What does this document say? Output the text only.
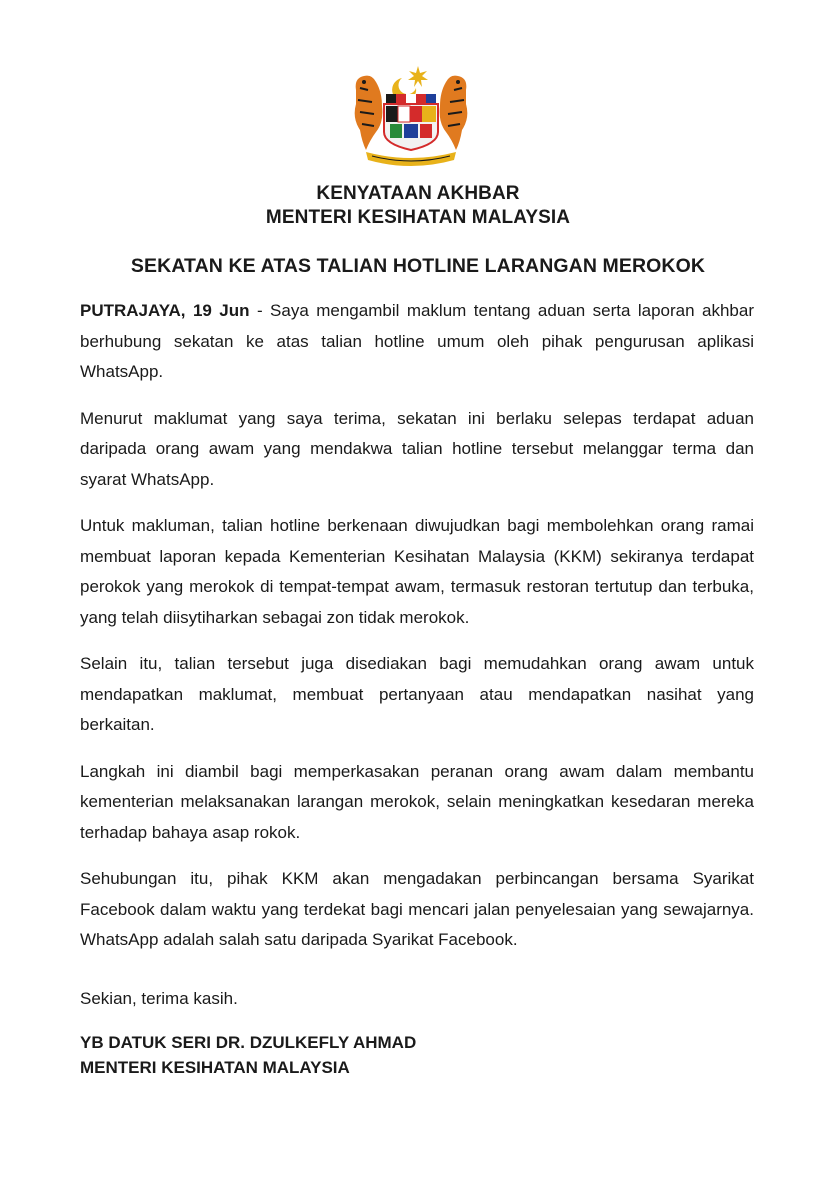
KENYATAAN AKHBAR
MENTERI KESIHATAN MALAYSIA
SEKATAN KE ATAS TALIAN HOTLINE LARANGAN MEROKOK

PUTRAJAYA, 19 Jun - Saya mengambil maklum tentang aduan serta laporan akhbar berhubung sekatan ke atas talian hotline umum oleh pihak pengurusan aplikasi WhatsApp.

Menurut maklumat yang saya terima, sekatan ini berlaku selepas terdapat aduan daripada orang awam yang mendakwa talian hotline tersebut melanggar terma dan syarat WhatsApp.

Untuk makluman, talian hotline berkenaan diwujudkan bagi membolehkan orang ramai membuat laporan kepada Kementerian Kesihatan Malaysia (KKM) sekiranya terdapat perokok yang merokok di tempat-tempat awam, termasuk restoran tertutup dan terbuka, yang telah diisytiharkan sebagai zon tidak merokok.

Selain itu, talian tersebut juga disediakan bagi memudahkan orang awam untuk mendapatkan maklumat, membuat pertanyaan atau mendapatkan nasihat yang berkaitan.

Langkah ini diambil bagi memperkasakan peranan orang awam dalam membantu kementerian melaksanakan larangan merokok, selain meningkatkan kesedaran mereka terhadap bahaya asap rokok.

Sehubungan itu, pihak KKM akan mengadakan perbincangan bersama Syarikat Facebook dalam waktu yang terdekat bagi mencari jalan penyelesaian yang sewajarnya. WhatsApp adalah salah satu daripada Syarikat Facebook.

Sekian, terima kasih.
YB DATUK SERI DR. DZULKEFLY AHMAD
MENTERI KESIHATAN MALAYSIA
